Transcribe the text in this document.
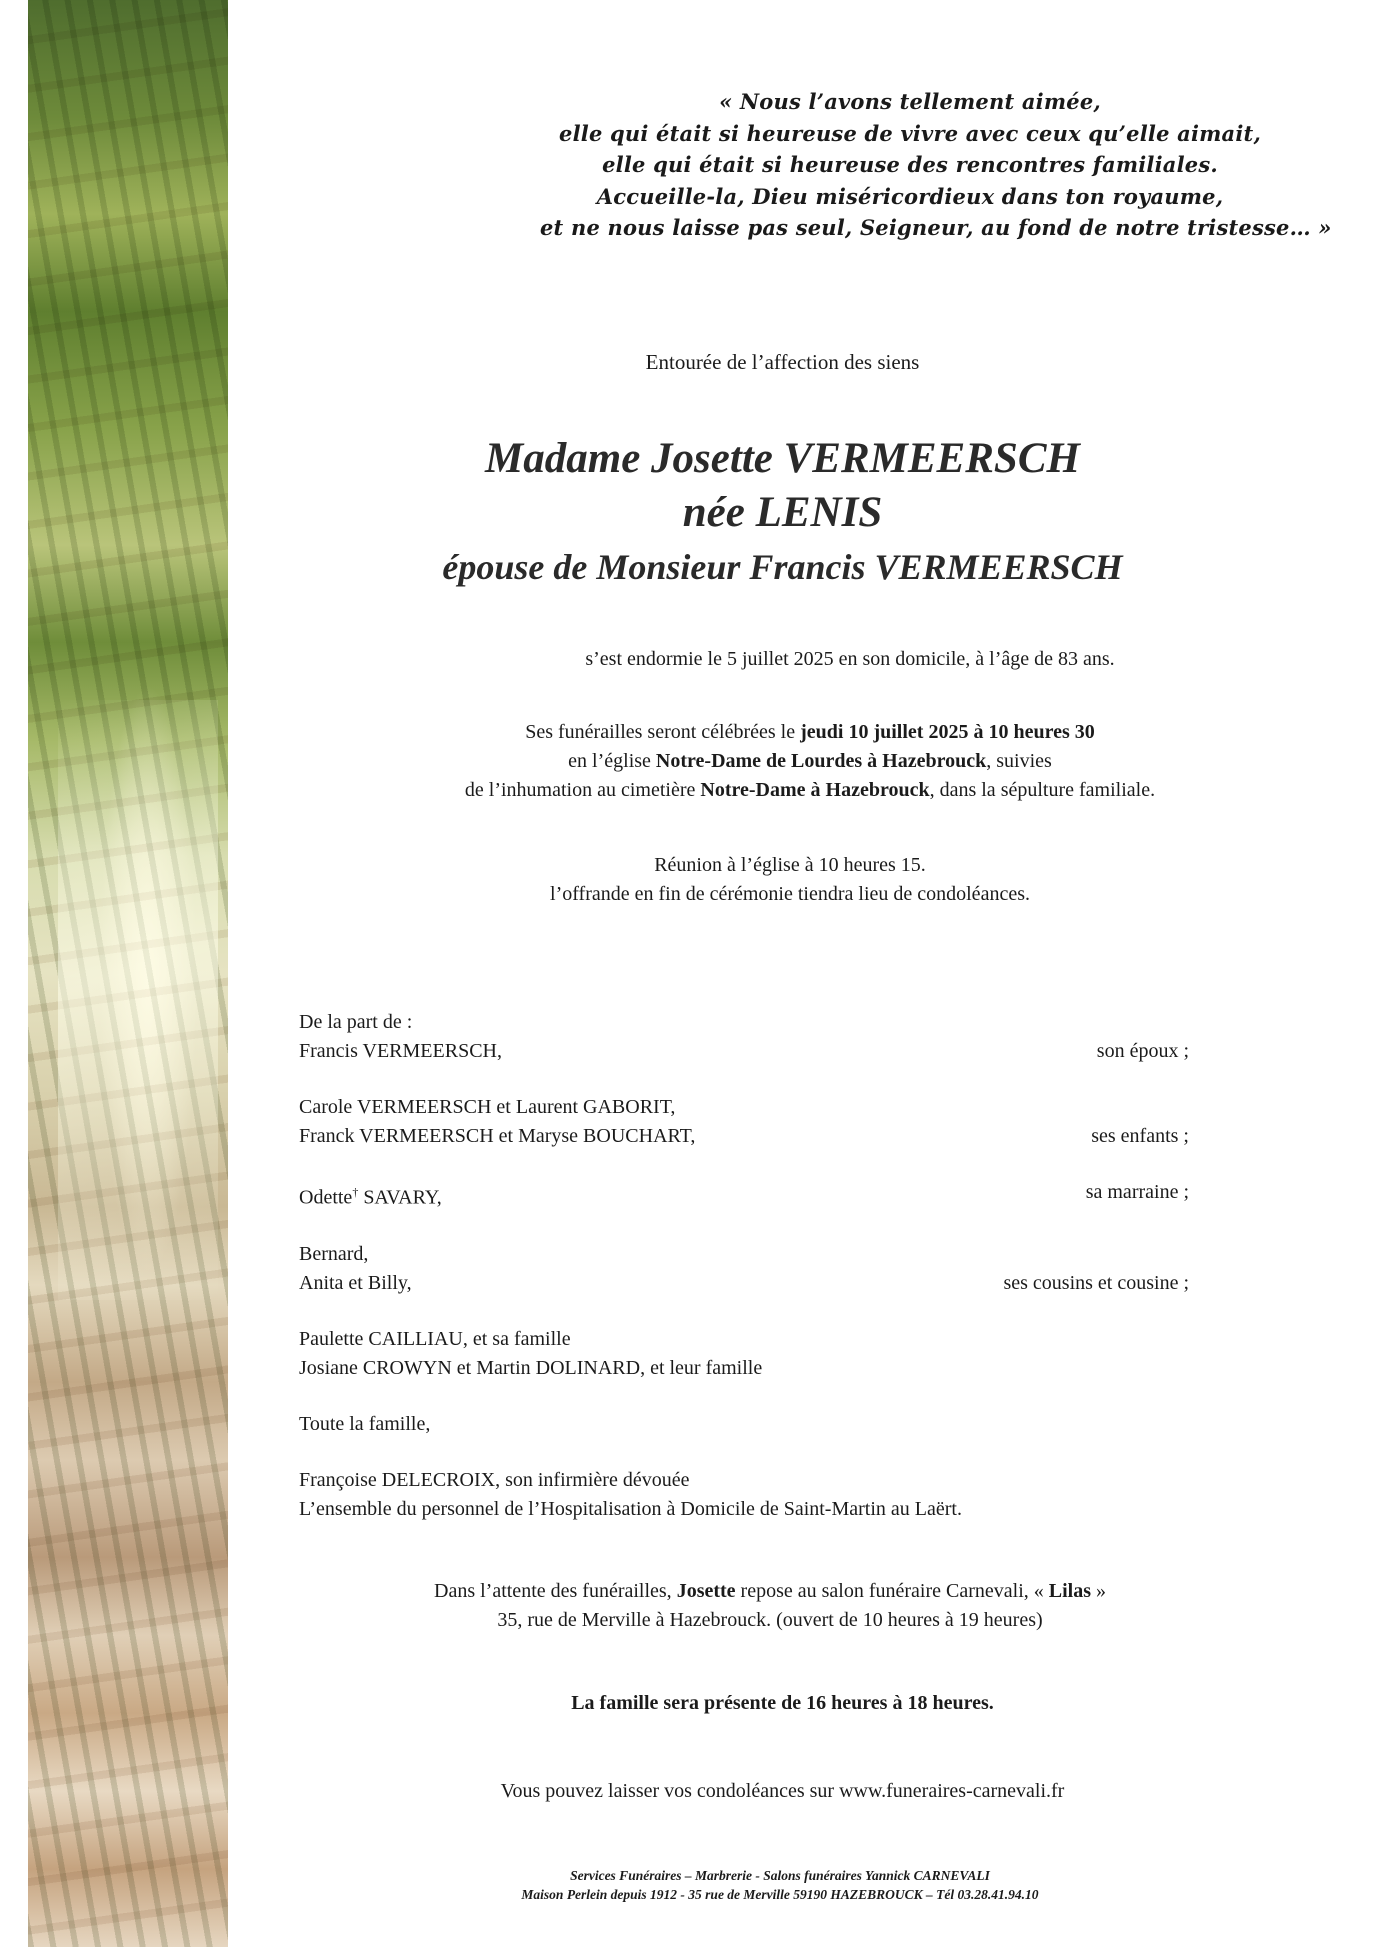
« Nous l’avons tellement aimée,
elle qui était si heureuse de vivre avec ceux qu’elle aimait,
elle qui était si heureuse des rencontres familiales.
Accueille-la, Dieu miséricordieux dans ton royaume,
et ne nous laisse pas seul, Seigneur, au fond de notre tristesse… »
Entourée de l’affection des siens
Madame Josette VERMEERSCH
née LENIS
épouse de Monsieur Francis VERMEERSCH
s’est endormie le 5 juillet 2025 en son domicile, à l’âge de 83 ans.
Ses funérailles seront célébrées le jeudi 10 juillet 2025 à 10 heures 30
en l’église Notre-Dame de Lourdes à Hazebrouck, suivies
de l’inhumation au cimetière Notre-Dame à Hazebrouck, dans la sépulture familiale.
Réunion à l’église à 10 heures 15.
l’offrande en fin de cérémonie tiendra lieu de condoléances.
De la part de :
Francis VERMEERSCH,	son époux ;
Carole VERMEERSCH et Laurent GABORIT,
Franck VERMEERSCH et Maryse BOUCHART,	ses enfants ;
Odette† SAVARY,	sa marraine ;
Bernard,
Anita et Billy,	ses cousins et cousine ;
Paulette CAILLIAU, et sa famille
Josiane CROWYN et Martin DOLINARD, et leur famille
Toute la famille,
Françoise DELECROIX, son infirmière dévouée
L’ensemble du personnel de l’Hospitalisation à Domicile de Saint-Martin au Laërt.
Dans l’attente des funérailles, Josette repose au salon funéraire Carnevali, « Lilas »
35, rue de Merville à Hazebrouck. (ouvert de 10 heures à 19 heures)
La famille sera présente de 16 heures à 18 heures.
Vous pouvez laisser vos condoléances sur www.funeraires-carnevali.fr
Services Funéraires – Marbrerie - Salons funéraires Yannick CARNEVALI
Maison Perlein depuis 1912 - 35 rue de Merville 59190 HAZEBROUCK – Tél 03.28.41.94.10
